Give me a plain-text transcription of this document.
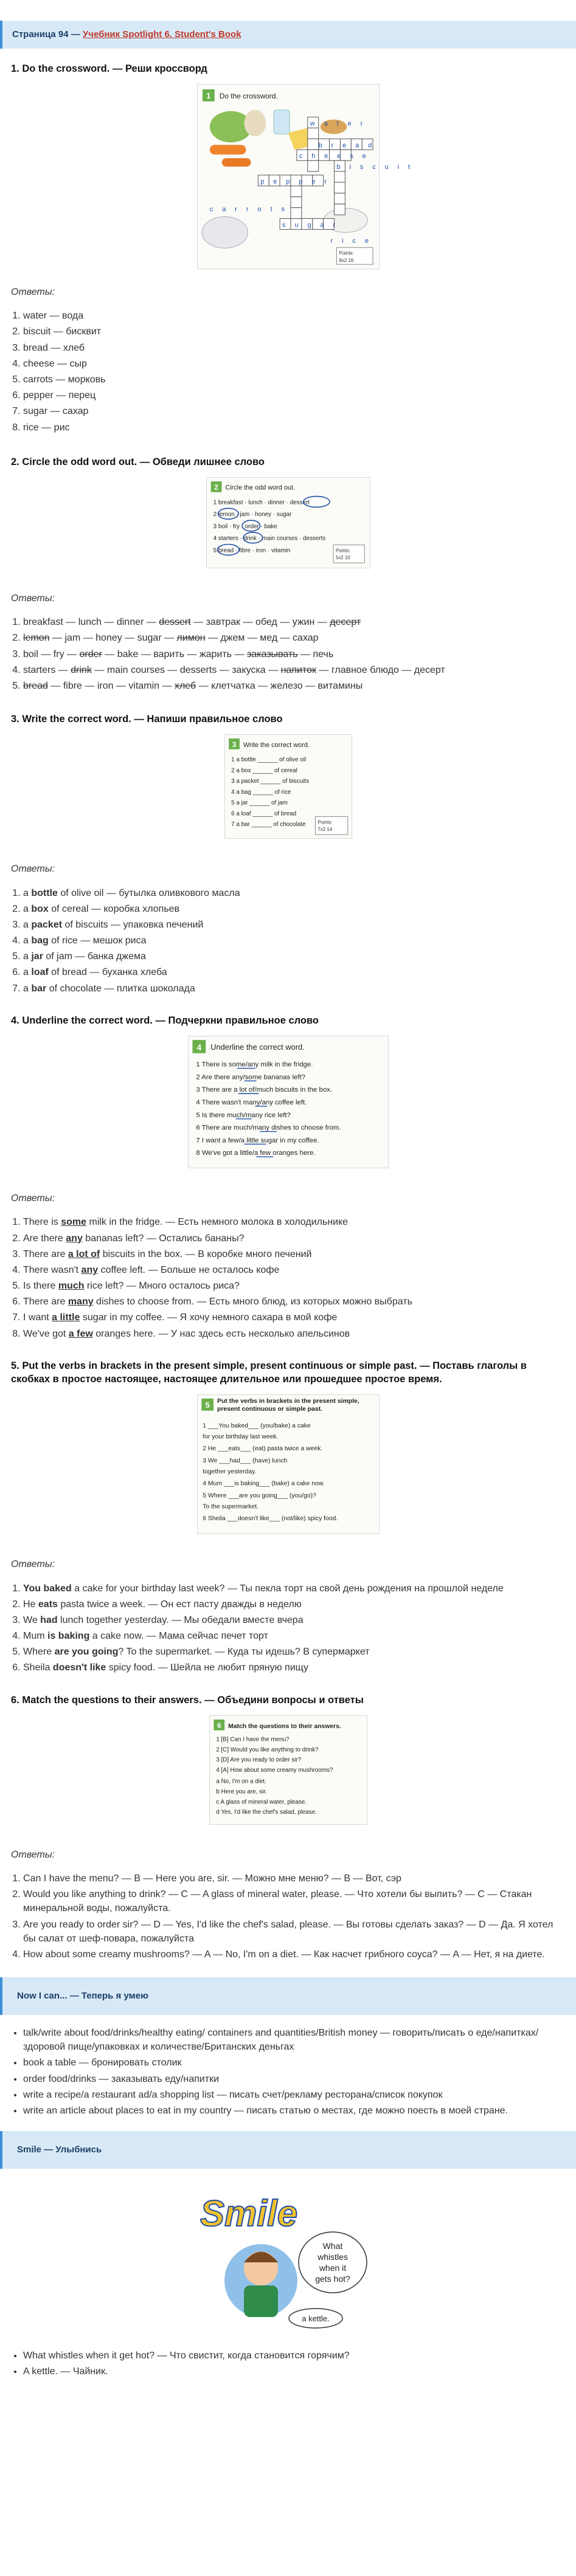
Страница 94 — Учебник Spotlight 6. Student's Book
1. Do the crossword. — Реши кроссворд
1 Do the crossword.
b r e a d
p e p p e r
s u g a r
c h e e s e
w a t e r
b i s c u i t
c a r r o t s
r i c e
Points:
8x2 16
Ответы:
1. water — вода
2. biscuit — бисквит
3. bread — хлеб
4. cheese — сыр
5. carrots — морковь
6. pepper — перец
7. sugar — сахар
8. rice — рис
2. Circle the odd word out. — Обведи лишнее слово
2 Circle the odd word out.
1 breakfast · lunch · dinner · dessert
2 lemon · jam · honey · sugar
3 boil · fry · order · bake
4 starters · drink · main courses · desserts
5 bread · fibre · iron · vitamin	Points:
5x2 10
Ответы:
1. breakfast — lunch — dinner — dessert — завтрак — обед — ужин — десерт
2. lemon — jam — honey — sugar — лимон — джем — мед — сахар
3. boil — fry — order — bake — варить — жарить — заказывать — печь
4. starters — drink — main courses — desserts — закуска — напиток — главное блюдо — десерт
5. bread — fibre — iron — vitamin — хлеб — клетчатка — железо — витамины
3. Write the correct word. — Напиши правильное слово
3 Write the correct word.
1 a bottle ______ of olive oil
2 a box ______ of cereal
3 a packet ______ of biscuits
4 a bag ______ of rice
5 a jar ______ of jam
6 a loaf ______ of bread
7 a bar ______ of chocolate Points:
7x2 14
Ответы:
1. a bottle of olive oil — бутылка оливкового масла
2. a box of cereal — коробка хлопьев
3. a packet of biscuits — упаковка печений
4. a bag of rice — мешок риса
5. a jar of jam — банка джема
6. a loaf of bread — буханка хлеба
7. a bar of chocolate — плитка шоколада
4. Underline the correct word. — Подчеркни правильное слово
4 Underline the correct word.
1 There is some/any milk in the fridge.
2 Are there any/some bananas left?
3 There are a lot of/much biscuits in the box.
4 There wasn't many/any coffee left.
5 Is there much/many rice left?
6 There are much/many dishes to choose from.
7 I want a few/a little sugar in my coffee.
8 We've got a little/a few oranges here.
Ответы:
1. There is some milk in the fridge. — Есть немного молока в холодильнике
2. Are there any bananas left? — Остались бананы?
3. There are a lot of biscuits in the box. — В коробке много печений
4. There wasn't any coffee left. — Больше не осталось кофе
5. Is there much rice left? — Много осталось риса?
6. There are many dishes to choose from. — Есть много блюд, из которых можно выбрать
7. I want a little sugar in my coffee. — Я хочу немного сахара в мой кофе
8. We've got a few oranges here. — У нас здесь есть несколько апельсинов
5. Put the verbs in brackets in the present simple, present continuous or simple past. — Поставь глаголы в скобках в простое настоящее, настоящее длительное или прошедшее простое время.
5 Put the verbs in brackets in the present simple, present continuous or simple past.
1 ___You baked___ (you/bake) a cake
for your birthday last week.
2 He ___eats___ (eat) pasta twice a week.
3 We ___had___ (have) lunch
together yesterday.
4 Mum ___is baking___ (bake) a cake now.
5 Where ___are you going___ (you/go)?
To the supermarket.
6 Sheila ___doesn't like___ (not/like) spicy food.
Ответы:
1. You baked a cake for your birthday last week? — Ты пекла торт на свой день рождения на прошлой неделе
2. He eats pasta twice a week. — Он ест пасту дважды в неделю
3. We had lunch together yesterday. — Мы обедали вместе вчера
4. Mum is baking a cake now. — Мама сейчас печет торт
5. Where are you going? To the supermarket. — Куда ты идешь? В супермаркет
6. Sheila doesn't like spicy food. — Шейла не любит пряную пищу
6. Match the questions to their answers. — Объедини вопросы и ответы
6 Match the questions to their answers.
1 [B] Can I have the menu?
2 [C] Would you like anything to drink?
3 [D] Are you ready to order sir?
4 [A] How about some creamy mushrooms?
a No, I'm on a diet.
b Here you are, sir.
c A glass of mineral water, please.
d Yes, I'd like the chef's salad, please.
Ответы:
1. Can I have the menu? — B — Here you are, sir. — Можно мне меню? — В — Вот, сэр
2. Would you like anything to drink? — C — A glass of mineral water, please. — Что хотели бы выпить? — C — Стакан минеральной воды, пожалуйста.
3. Are you ready to order sir? — D — Yes, I'd like the chef's salad, please. — Вы готовы сделать заказ? — D — Да. Я хотел бы салат от шеф-повара, пожалуйста
4. How about some creamy mushrooms? — A — No, I'm on a diet. — Как насчет грибного соуса? — A — Нет, я на диете.
Now I can... — Теперь я умею
• talk/write about food/drinks/healthy eating/ containers and quantities/British money — говорить/писать о еде/напитках/здоровой пище/упаковках и количестве/Британских деньгах
• book a table — бронировать столик
• order food/drinks — заказывать еду/напитки
• write a recipe/a restaurant ad/a shopping list — писать счет/рекламу ресторана/список покупок
• write an article about places to eat in my country — писать статью о местах, где можно поесть в моей стране.
Smile — Улыбнись
Smile
What
whistles
when it
gets hot?
a kettle.
• What whistles when it get hot? — Что свистит, когда становится горячим?
• A kettle. — Чайник.
